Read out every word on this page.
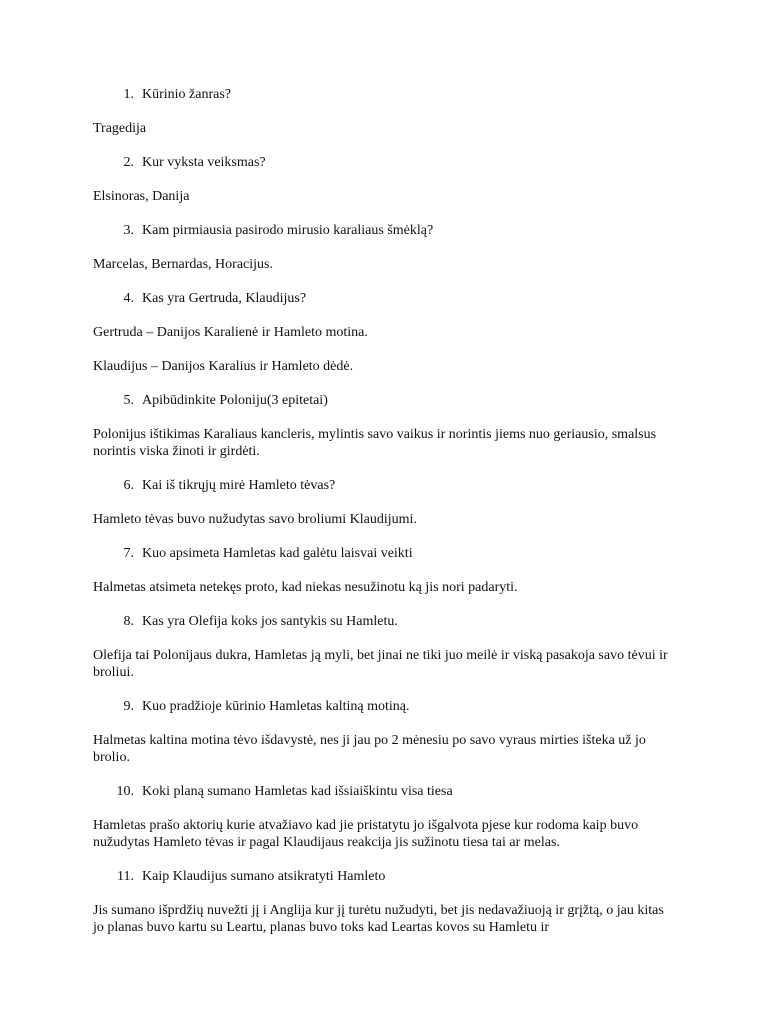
1. Kūrinio žanras?

Tragedija

2. Kur vyksta veiksmas?

Elsinoras, Danija

3. Kam pirmiausia pasirodo mirusio karaliaus šmėklą?

Marcelas, Bernardas, Horacijus.

4. Kas yra Gertruda, Klaudijus?

Gertruda – Danijos Karalienė ir Hamleto motina.

Klaudijus – Danijos Karalius ir Hamleto dėdė.

5. Apibūdinkite Poloniju(3 epitetai)

Polonijus ištikimas Karaliaus kancleris, mylintis savo vaikus ir norintis jiems nuo geriausio, smalsus norintis viska žinoti ir girdėti.

6. Kai iš tikrųjų mirė Hamleto tėvas?

Hamleto tėvas buvo nužudytas savo broliumi Klaudijumi.

7. Kuo apsimeta Hamletas kad galėtu laisvai veikti

Halmetas atsimeta netekęs proto, kad niekas nesužinotu ką jis nori padaryti.

8. Kas yra Olefija koks jos santykis su Hamletu.

Olefija tai Polonijaus dukra, Hamletas ją myli, bet jinai ne tiki juo meilė ir viską pasakoja savo tėvui ir broliui.

9. Kuo pradžioje kūrinio Hamletas kaltiną motiną.

Halmetas kaltina motina tėvo išdavystė, nes ji jau po 2 mėnesiu po savo vyraus mirties išteka už jo brolio.

10. Koki planą sumano Hamletas kad išsiaiškintu visa tiesa

Hamletas prašo aktorių kurie atvažiavo kad jie pristatytu jo išgalvota pjese kur rodoma kaip buvo nužudytas Hamleto tėvas ir pagal Klaudijaus reakcija jis sužinotu tiesa tai ar melas.

11. Kaip Klaudijus sumano atsikratyti Hamleto

Jis sumano išprdžių nuvežti jį i Anglija kur jį turėtu nužudyti, bet jis nedavažiuoją ir grįžtą, o jau kitas jo planas buvo kartu su Leartu, planas buvo toks kad Leartas kovos su Hamletu ir
